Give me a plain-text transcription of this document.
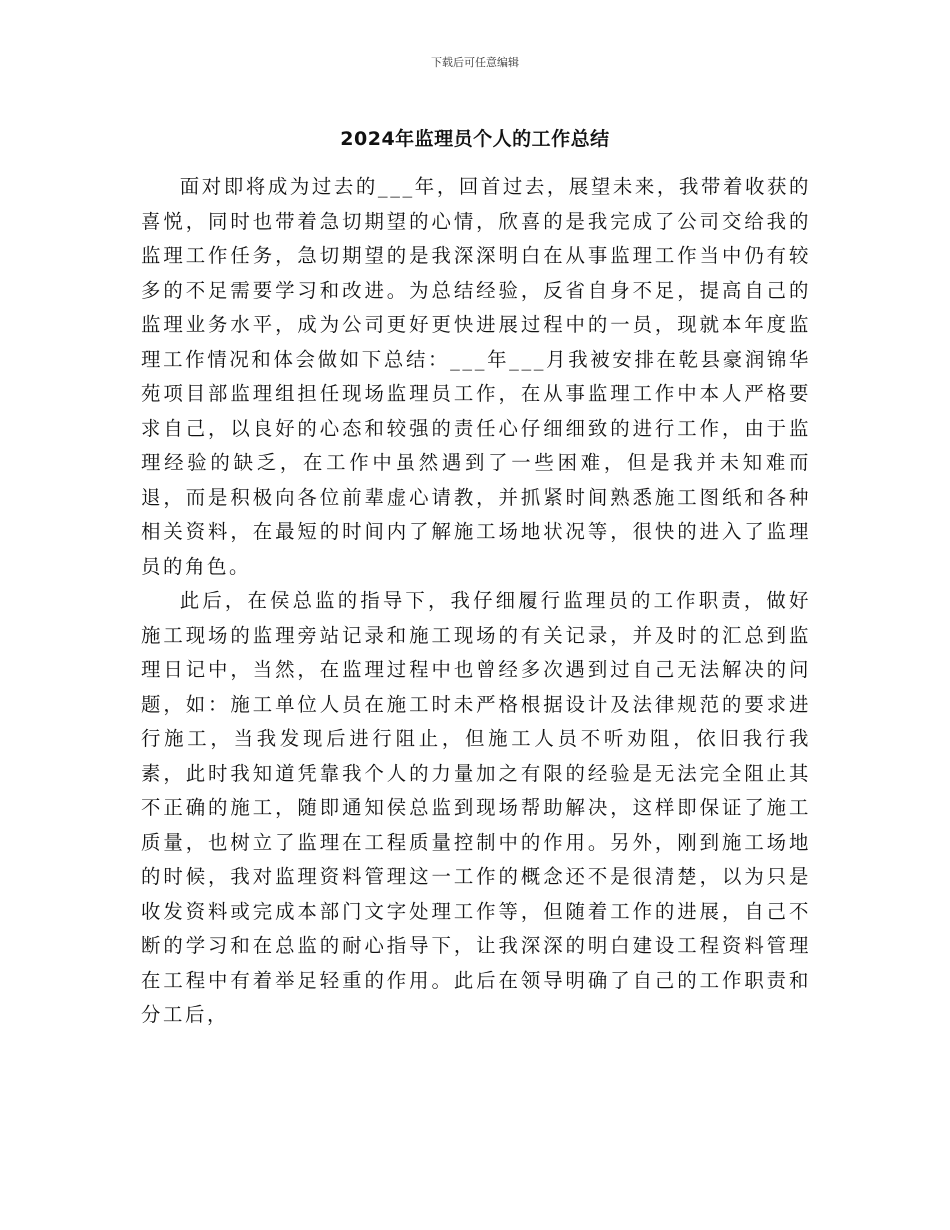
下载后可任意编辑
2024年监理员个人的工作总结

面对即将成为过去的___年，回首过去，展望未来，我带着收获的喜悦，同时也带着急切期望的心情，欣喜的是我完成了公司交给我的监理工作任务，急切期望的是我深深明白在从事监理工作当中仍有较多的不足需要学习和改进。为总结经验，反省自身不足，提高自己的监理业务水平，成为公司更好更快进展过程中的一员，现就本年度监理工作情况和体会做如下总结：___年___月我被安排在乾县豪润锦华苑项目部监理组担任现场监理员工作，在从事监理工作中本人严格要求自己，以良好的心态和较强的责任心仔细细致的进行工作，由于监理经验的缺乏，在工作中虽然遇到了一些困难，但是我并未知难而退，而是积极向各位前辈虚心请教，并抓紧时间熟悉施工图纸和各种相关资料，在最短的时间内了解施工场地状况等，很快的进入了监理员的角色。

此后，在侯总监的指导下，我仔细履行监理员的工作职责，做好施工现场的监理旁站记录和施工现场的有关记录，并及时的汇总到监理日记中，当然，在监理过程中也曾经多次遇到过自己无法解决的问题，如：施工单位人员在施工时未严格根据设计及法律规范的要求进行施工，当我发现后进行阻止，但施工人员不听劝阻，依旧我行我素，此时我知道凭靠我个人的力量加之有限的经验是无法完全阻止其不正确的施工，随即通知侯总监到现场帮助解决，这样即保证了施工质量，也树立了监理在工程质量控制中的作用。另外，刚到施工场地的时候，我对监理资料管理这一工作的概念还不是很清楚，以为只是收发资料或完成本部门文字处理工作等，但随着工作的进展，自己不断的学习和在总监的耐心指导下，让我深深的明白建设工程资料管理在工程中有着举足轻重的作用。此后在领导明确了自己的工作职责和分工后，
